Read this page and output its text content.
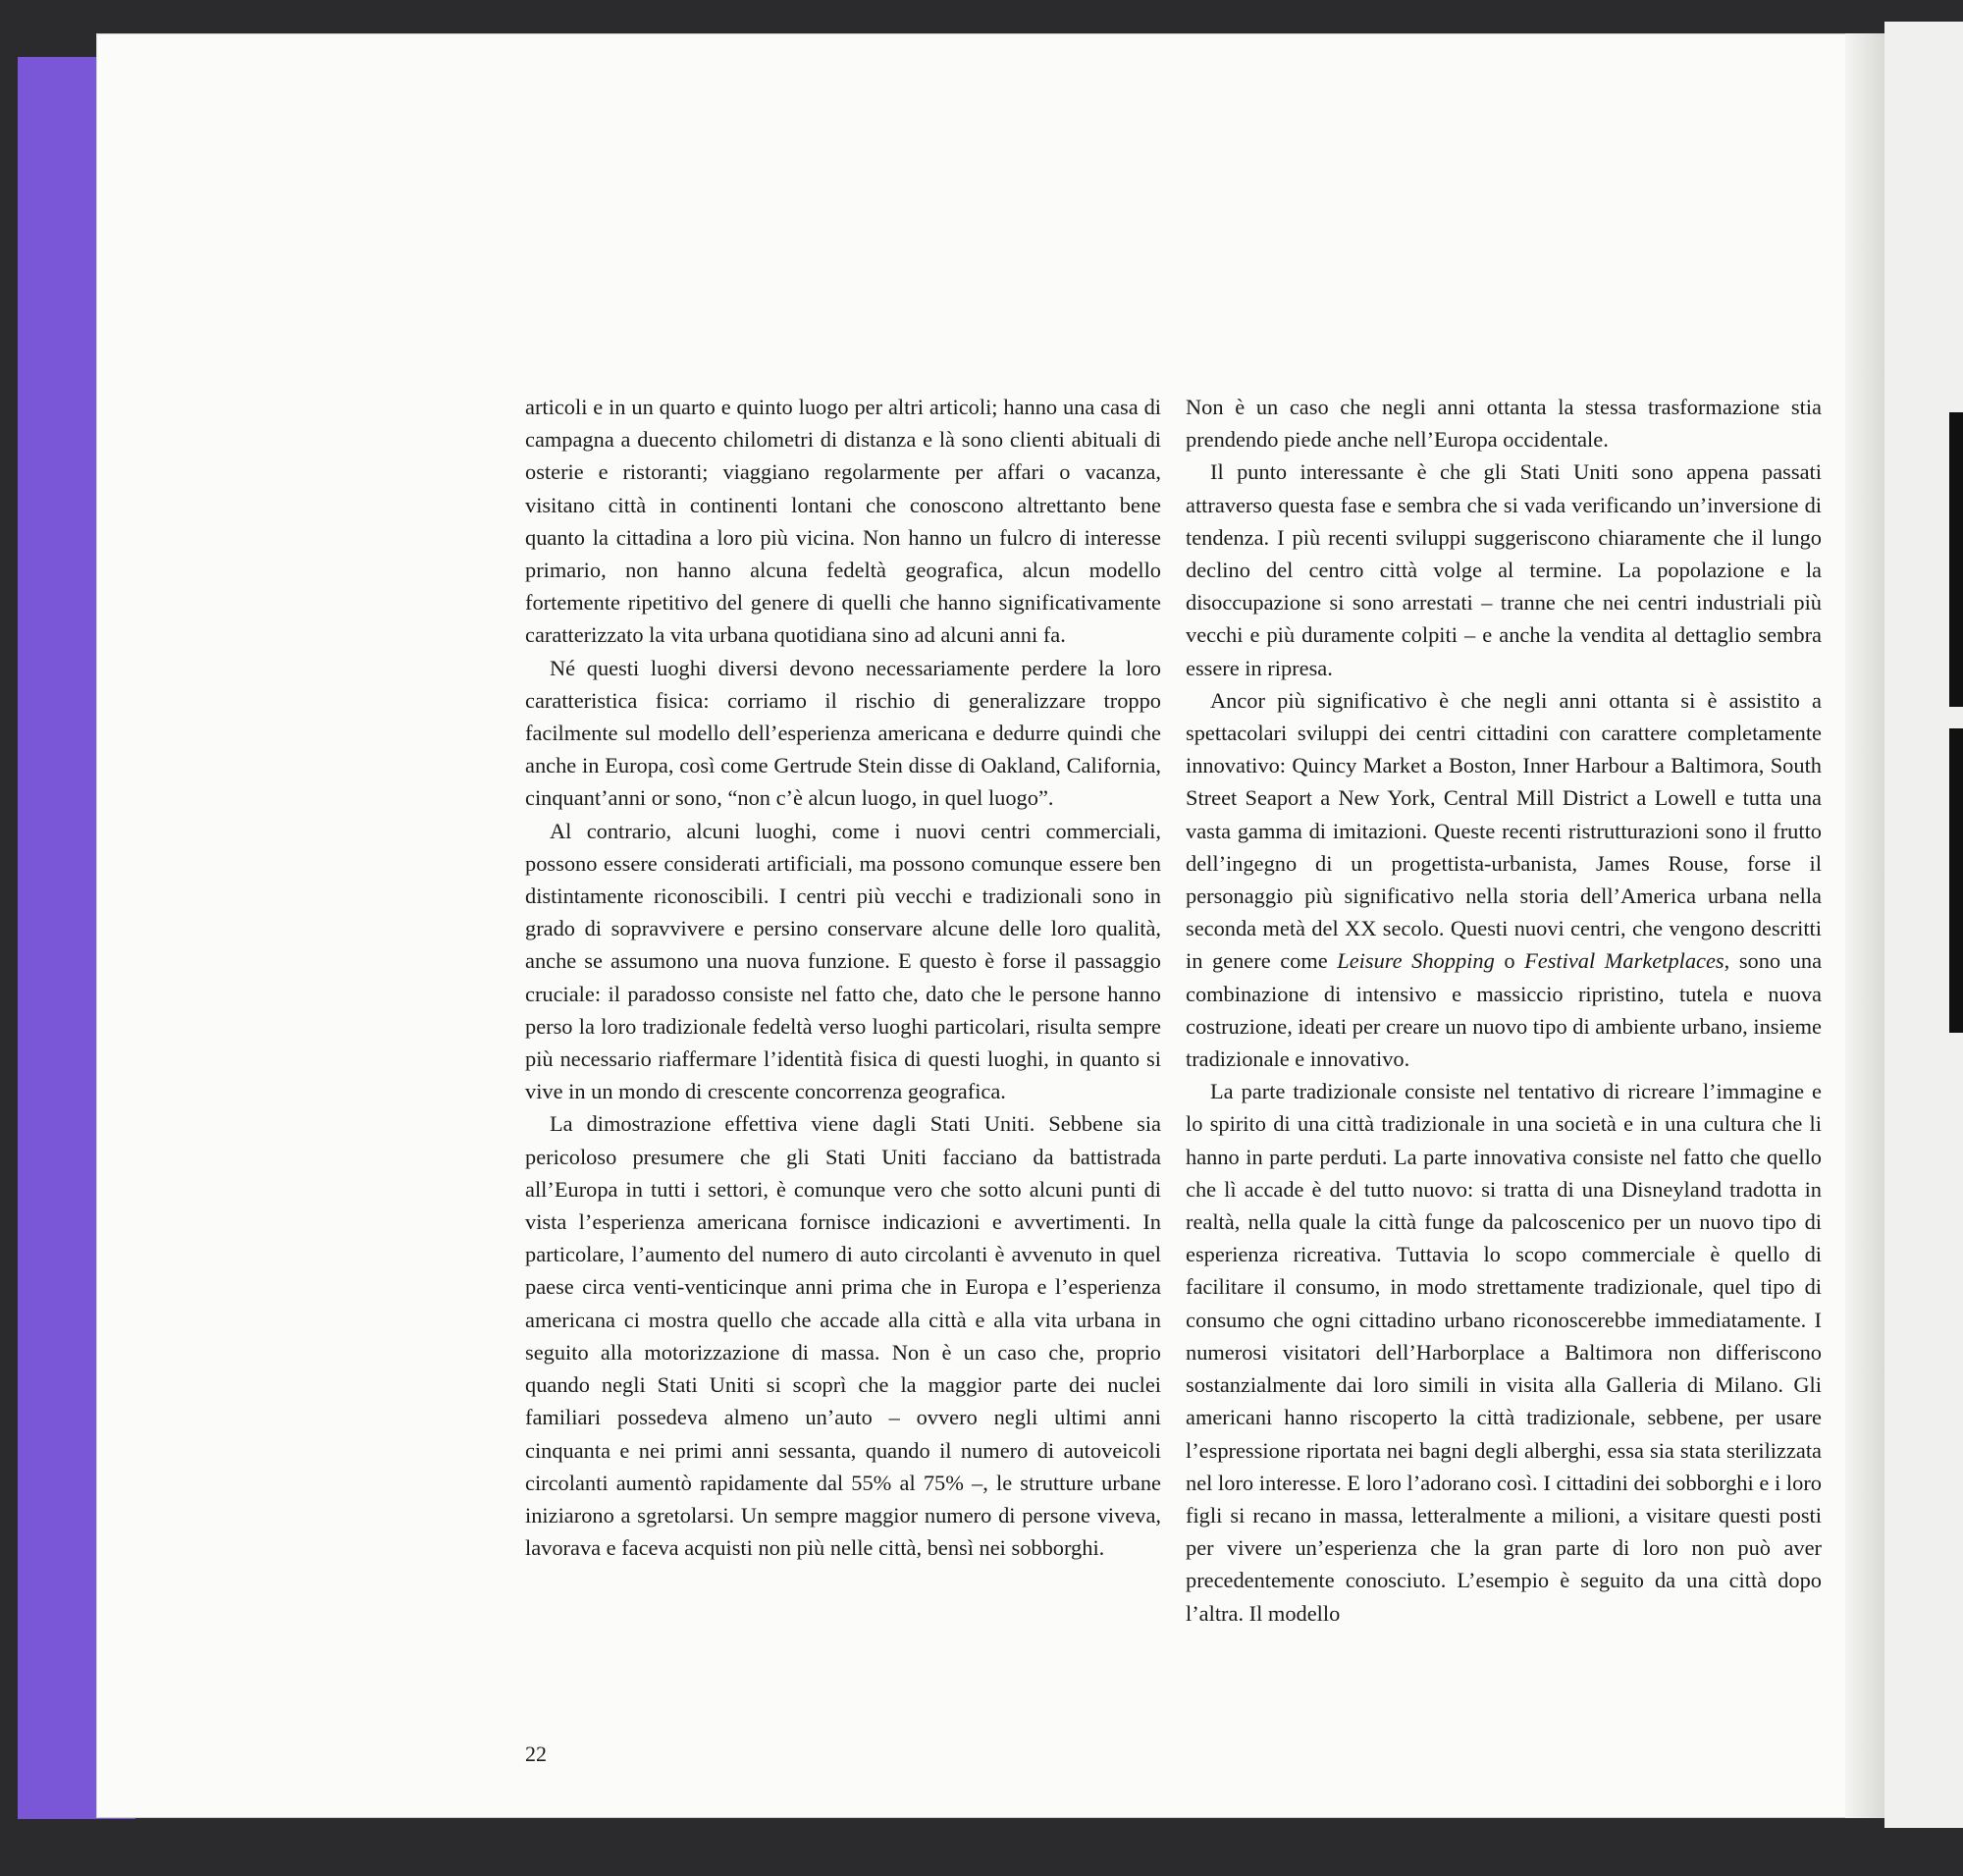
articoli e in un quarto e quinto luogo per altri articoli; hanno una casa di campagna a duecento chilometri di distanza e là sono clienti abituali di osterie e ristoranti; viaggiano regolarmente per affari o vacanza, visitano città in continenti lontani che conoscono altrettanto bene quanto la cittadina a loro più vicina. Non hanno un fulcro di interesse primario, non hanno alcuna fedeltà geografica, alcun modello fortemente ripetitivo del genere di quelli che hanno significativamente caratterizzato la vita urbana quotidiana sino ad alcuni anni fa.

Né questi luoghi diversi devono necessariamente perdere la loro caratteristica fisica: corriamo il rischio di generalizzare troppo facilmente sul modello dell’esperienza americana e dedurre quindi che anche in Europa, così come Gertrude Stein disse di Oakland, California, cinquant’anni or sono, “non c’è alcun luogo, in quel luogo”.

Al contrario, alcuni luoghi, come i nuovi centri commerciali, possono essere considerati artificiali, ma possono comunque essere ben distintamente riconoscibili. I centri più vecchi e tradizionali sono in grado di sopravvivere e persino conservare alcune delle loro qualità, anche se assumono una nuova funzione. E questo è forse il passaggio cruciale: il paradosso consiste nel fatto che, dato che le persone hanno perso la loro tradizionale fedeltà verso luoghi particolari, risulta sempre più necessario riaffermare l’identità fisica di questi luoghi, in quanto si vive in un mondo di crescente concorrenza geografica.

La dimostrazione effettiva viene dagli Stati Uniti. Sebbene sia pericoloso presumere che gli Stati Uniti facciano da battistrada all’Europa in tutti i settori, è comunque vero che sotto alcuni punti di vista l’esperienza americana fornisce indicazioni e avvertimenti. In particolare, l’aumento del numero di auto circolanti è avvenuto in quel paese circa venti-venticinque anni prima che in Europa e l’esperienza americana ci mostra quello che accade alla città e alla vita urbana in seguito alla motorizzazione di massa. Non è un caso che, proprio quando negli Stati Uniti si scoprì che la maggior parte dei nuclei familiari possedeva almeno un’auto – ovvero negli ultimi anni cinquanta e nei primi anni sessanta, quando il numero di autoveicoli circolanti aumentò rapidamente dal 55% al 75% –, le strutture urbane iniziarono a sgretolarsi. Un sempre maggior numero di persone viveva, lavorava e faceva acquisti non più nelle città, bensì nei sobborghi.

Non è un caso che negli anni ottanta la stessa trasformazione stia prendendo piede anche nell’Europa occidentale.

Il punto interessante è che gli Stati Uniti sono appena passati attraverso questa fase e sembra che si vada verificando un’inversione di tendenza. I più recenti sviluppi suggeriscono chiaramente che il lungo declino del centro città volge al termine. La popolazione e la disoccupazione si sono arrestati – tranne che nei centri industriali più vecchi e più duramente colpiti – e anche la vendita al dettaglio sembra essere in ripresa.

Ancor più significativo è che negli anni ottanta si è assistito a spettacolari sviluppi dei centri cittadini con carattere completamente innovativo: Quincy Market a Boston, Inner Harbour a Baltimora, South Street Seaport a New York, Central Mill District a Lowell e tutta una vasta gamma di imitazioni. Queste recenti ristrutturazioni sono il frutto dell’ingegno di un progettista-urbanista, James Rouse, forse il personaggio più significativo nella storia dell’America urbana nella seconda metà del XX secolo. Questi nuovi centri, che vengono descritti in genere come Leisure Shopping o Festival Marketplaces, sono una combinazione di intensivo e massiccio ripristino, tutela e nuova costruzione, ideati per creare un nuovo tipo di ambiente urbano, insieme tradizionale e innovativo.

La parte tradizionale consiste nel tentativo di ricreare l’immagine e lo spirito di una città tradizionale in una società e in una cultura che li hanno in parte perduti. La parte innovativa consiste nel fatto che quello che lì accade è del tutto nuovo: si tratta di una Disneyland tradotta in realtà, nella quale la città funge da palcoscenico per un nuovo tipo di esperienza ricreativa. Tuttavia lo scopo commerciale è quello di facilitare il consumo, in modo strettamente tradizionale, quel tipo di consumo che ogni cittadino urbano riconoscerebbe immediatamente. I numerosi visitatori dell’Harborplace a Baltimora non differiscono sostanzialmente dai loro simili in visita alla Galleria di Milano. Gli americani hanno riscoperto la città tradizionale, sebbene, per usare l’espressione riportata nei bagni degli alberghi, essa sia stata sterilizzata nel loro interesse. E loro l’adorano così. I cittadini dei sobborghi e i loro figli si recano in massa, letteralmente a milioni, a visitare questi posti per vivere un’esperienza che la gran parte di loro non può aver precedentemente conosciuto. L’esempio è seguito da una città dopo l’altra. Il modello

22
